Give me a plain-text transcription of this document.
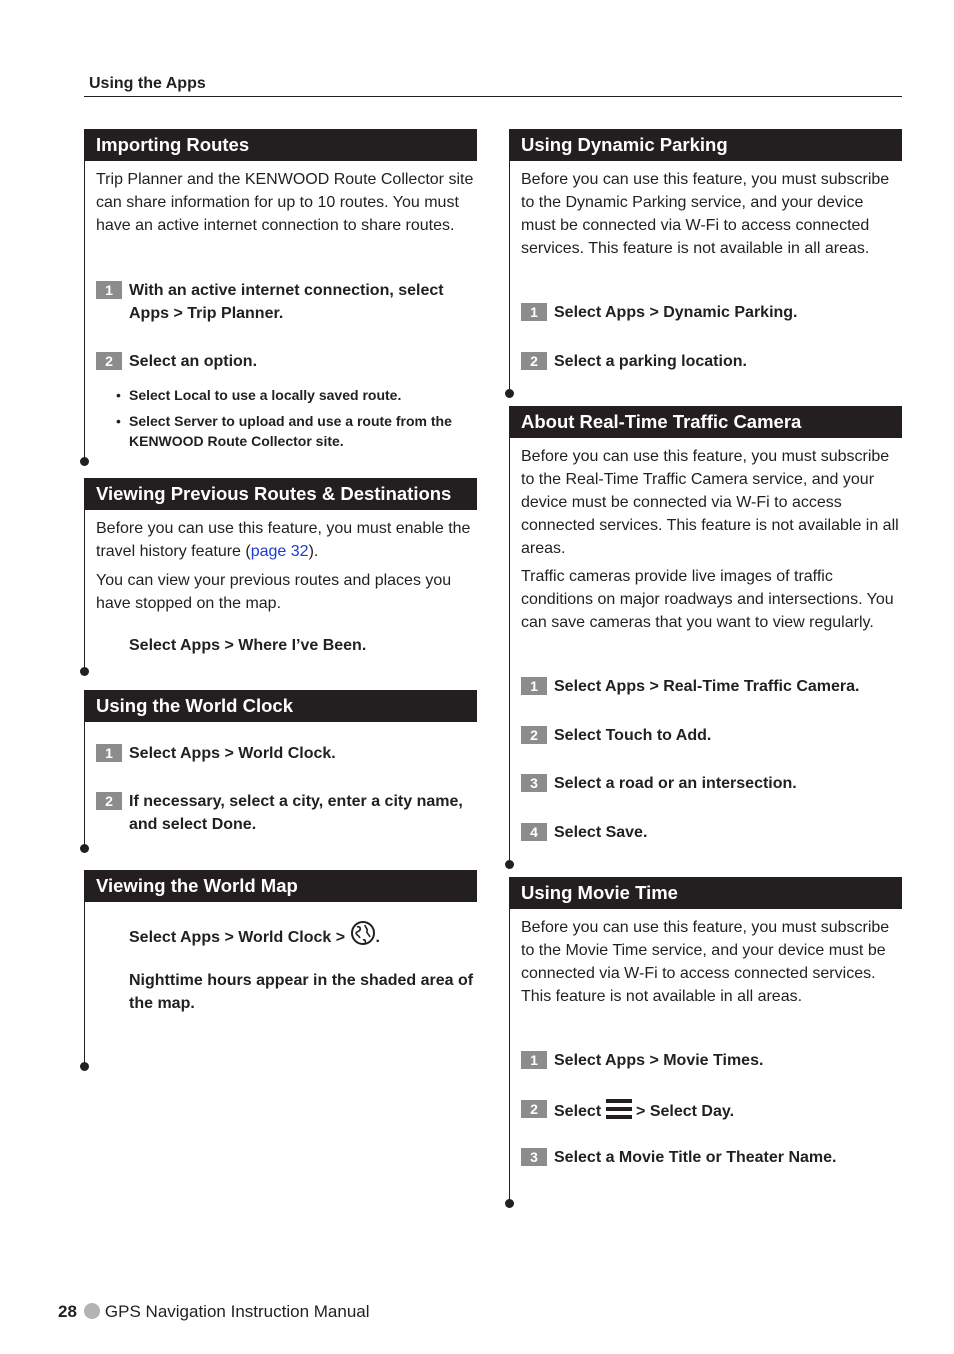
Using the Apps
Importing Routes

Trip Planner and the KENWOOD Route Collector site can share information for up to 10 routes. You must have an active internet connection to share routes.

1	With an active internet connection, select Apps > Trip Planner.
2	Select an option.
• Select Local to use a locally saved route.
• Select Server to upload and use a route from the KENWOOD Route Collector site.
Viewing Previous Routes & Destinations

Before you can use this feature, you must enable the travel history feature (page 32).

You can view your previous routes and places you have stopped on the map.

Select Apps > Where I’ve Been.
Using the World Clock
1	Select Apps > World Clock.
2	If necessary, select a city, enter a city name, and select Done.
Viewing the World Map
Select Apps > World Clock > .
Nighttime hours appear in the shaded area of the map.
Using Dynamic Parking

Before you can use this feature, you must subscribe to the Dynamic Parking service, and your device must be connected via W-Fi to access connected services. This feature is not available in all areas.

1	Select Apps > Dynamic Parking.
2	Select a parking location.
About Real-Time Traffic Camera

Before you can use this feature, you must subscribe to the Real-Time Traffic Camera service, and your device must be connected via W-Fi to access connected services. This feature is not available in all areas.

Traffic cameras provide live images of traffic conditions on major roadways and intersections. You can save cameras that you want to view regularly.

1	Select Apps > Real-Time Traffic Camera.
2	Select Touch to Add.
3	Select a road or an intersection.
4	Select Save.
Using Movie Time

Before you can use this feature, you must subscribe to the Movie Time service, and your device must be connected via W-Fi to access connected services. This feature is not available in all areas.

1	Select Apps > Movie Times.
2	Select > Select Day.
3	Select a Movie Title or Theater Name.
28 GPS Navigation Instruction Manual
